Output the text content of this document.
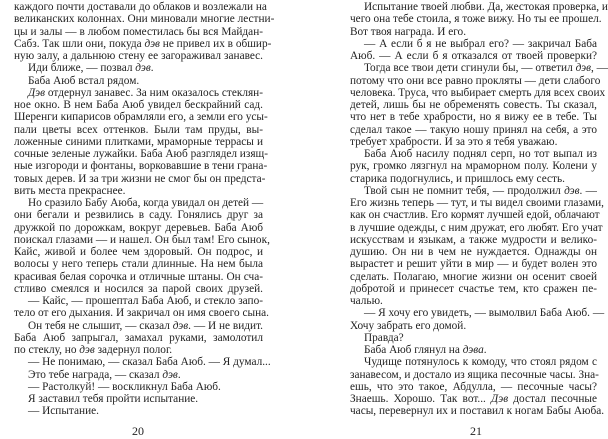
каждого почти доставали до облаков и возлежали на
великанских колоннах. Они миновали многие лестни-
цы и залы — в любом поместилась бы вся Майдан-
Сабз. Так шли они, покуда дэв не привел их в обшир-
ную залу, а дальнюю стену ее загораживал занавес.
Иди ближе, — позвал дэв.
Баба Аюб встал рядом.
Дэв отдернул занавес. За ним оказалось стеклян-
ное окно. В нем Баба Аюб увидел бескрайний сад.
Шеренги кипарисов обрамляли его, а земли его усы-
пали цветы всех оттенков. Были там пруды, вы-
ложенные синими плитками, мраморные террасы и
сочные зеленые лужайки. Баба Аюб разглядел изящ-
ные изгороди и фонтаны, ворковавшие в тени грана-
товых дерев. И за три жизни не смог бы он предста-
вить места прекраснее.
Но сразило Бабу Аюба, когда увидал он детей —
они бегали и резвились в саду. Гонялись друг за
дружкой по дорожкам, вокруг деревьев. Баба Аюб
поискал глазами — и нашел. Он был там! Его сынок,
Кайс, живой и более чем здоровый. Он подрос, и
волосы у него теперь стали длинные. На нем была
красивая белая сорочка и отличные штаны. Он сча-
стливо смеялся и носился за парой своих друзей.
— Кайс, — прошептал Баба Аюб, и стекло запо-
тело от его дыхания. И закричал он имя своего сына.
Он тебя не слышит, — сказал дэв. — И не видит.
Баба Аюб запрыгал, замахал руками, замолотил
по стеклу, но дэв задернул полог.
— Не понимаю, — сказал Баба Аюб. — Я думал...
Это тебе награда, — сказал дэв.
— Растолкуй! — воскликнул Баба Аюб.
Я заставил тебя пройти испытание.
— Испытание.
20
Испытание твоей любви. Да, жестокая проверка, и
чего она тебе стоила, я тоже вижу. Но ты ее прошел.
Вот твоя награда. И его.
— А если б я не выбрал его? — закричал Баба
Аюб. — А если б я отказался от твоей проверки?
Тогда все твои дети сгинули бы, — ответил дэв, —
потому что они все равно прокляты — дети слабого
человека. Труса, что выбирает смерть для всех своих
детей, лишь бы не обременять совесть. Ты сказал,
что нет в тебе храбрости, но я вижу ее в тебе. Ты
сделал такое — такую ношу принял на себя, а это
требует храбрости. И за это я тебя уважаю.
Баба Аюб насилу поднял серп, но тот выпал из
рук, громко лязгнул на мраморном полу. Колени у
старика подогнулись, и пришлось ему сесть.
Твой сын не помнит тебя, — продолжил дэв. —
Его жизнь теперь — тут, и ты видел своими глазами,
как он счастлив. Его кормят лучшей едой, облачают
в лучшие одежды, с ним дружат, его любят. Его учат
искусствам и языкам, а также мудрости и велико-
душию. Он ни в чем не нуждается. Однажды он
вырастет и решит уйти в мир — и будет волен это
сделать. Полагаю, многие жизни он осенит своей
добротой и принесет счастье тем, кто сражен пе-
чалью.
— Я хочу его увидеть, — вымолвил Баба Аюб. —
Хочу забрать его домой.
Правда?
Баба Аюб глянул на дэва.
Чудище потянулось к комоду, что стоял рядом с
занавесом, и достало из ящика песочные часы. Зна-
ешь, что это такое, Абдулла, — песочные часы?
Знаешь. Хорошо. Так вот... Дэв достал песочные
часы, перевернул их и поставил к ногам Бабы Аюба.
21
